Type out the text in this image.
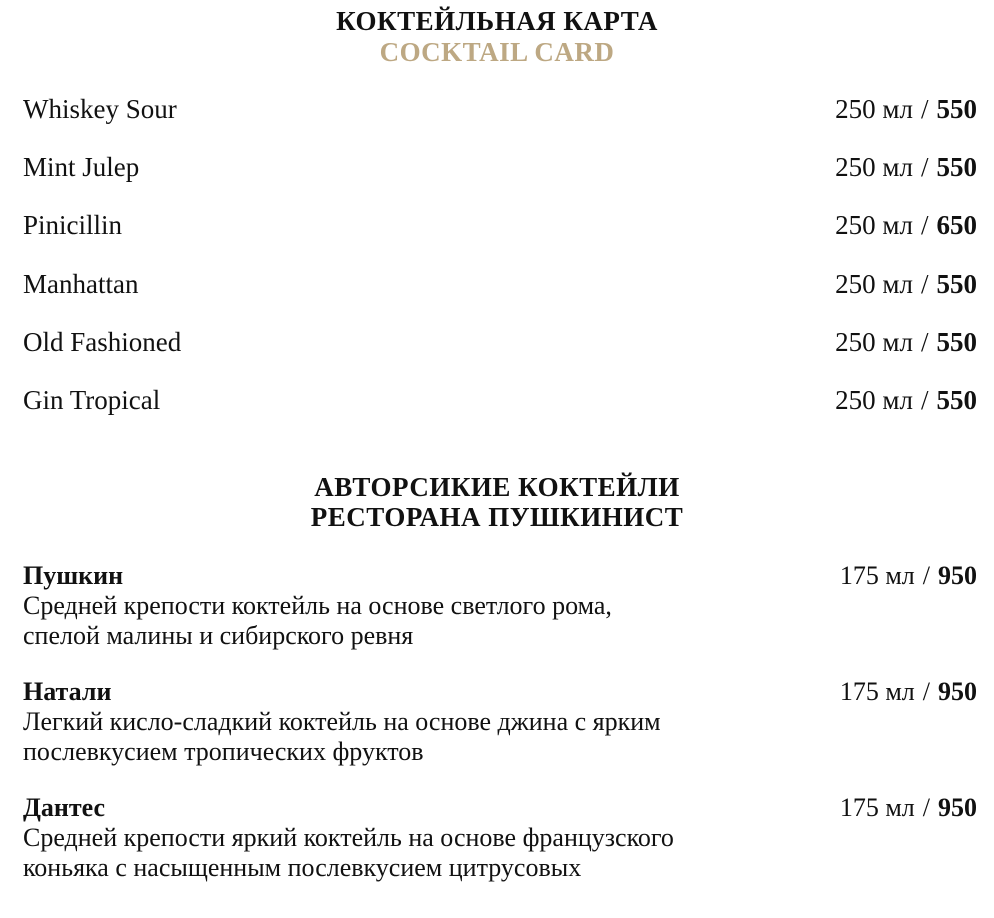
КОКТЕЙЛЬНАЯ КАРТА
COCKTAIL CARD
Whiskey Sour	250 мл / 550
Mint Julep	250 мл / 550
Pinicillin	250 мл / 650
Manhattan	250 мл / 550
Old Fashioned	250 мл / 550
Gin Tropical	250 мл / 550
АВТОРСИКИЕ КОКТЕЙЛИ
РЕСТОРАНА ПУШКИНИСТ
Пушкин	175 мл / 950
Средней крепости коктейль на основе светлого рома,
спелой малины и сибирского ревня
Натали	175 мл / 950
Легкий кисло-сладкий коктейль на основе джина с ярким
послевкусием тропических фруктов
Дантес	175 мл / 950
Средней крепости яркий коктейль на основе французского
коньяка с насыщенным послевкусием цитрусовых
